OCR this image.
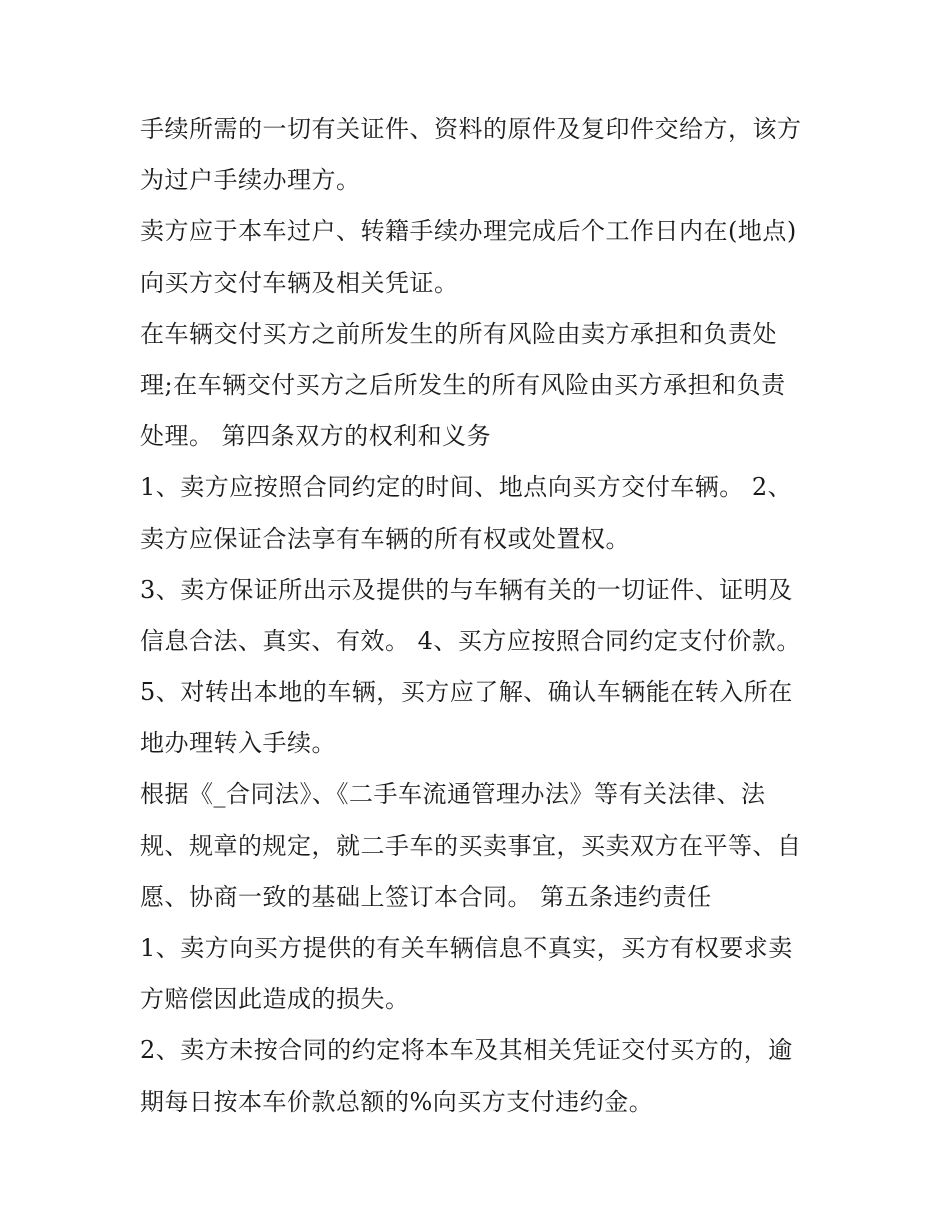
手续所需的一切有关证件、资料的原件及复印件交给方，该方
为过户手续办理方。
卖方应于本车过户、转籍手续办理完成后个工作日内在(地点)
向买方交付车辆及相关凭证。
在车辆交付买方之前所发生的所有风险由卖方承担和负责处
理;在车辆交付买方之后所发生的所有风险由买方承担和负责
处理。 第四条双方的权利和义务
1、卖方应按照合同约定的时间、地点向买方交付车辆。 2、
卖方应保证合法享有车辆的所有权或处置权。
3、卖方保证所出示及提供的与车辆有关的一切证件、证明及
信息合法、真实、有效。 4、买方应按照合同约定支付价款。
5、对转出本地的车辆，买方应了解、确认车辆能在转入所在
地办理转入手续。
根据《_合同法》、《二手车流通管理办法》等有关法律、法
规、规章的规定，就二手车的买卖事宜，买卖双方在平等、自
愿、协商一致的基础上签订本合同。 第五条违约责任
1、卖方向买方提供的有关车辆信息不真实，买方有权要求卖
方赔偿因此造成的损失。
2、卖方未按合同的约定将本车及其相关凭证交付买方的，逾
期每日按本车价款总额的%向买方支付违约金。
